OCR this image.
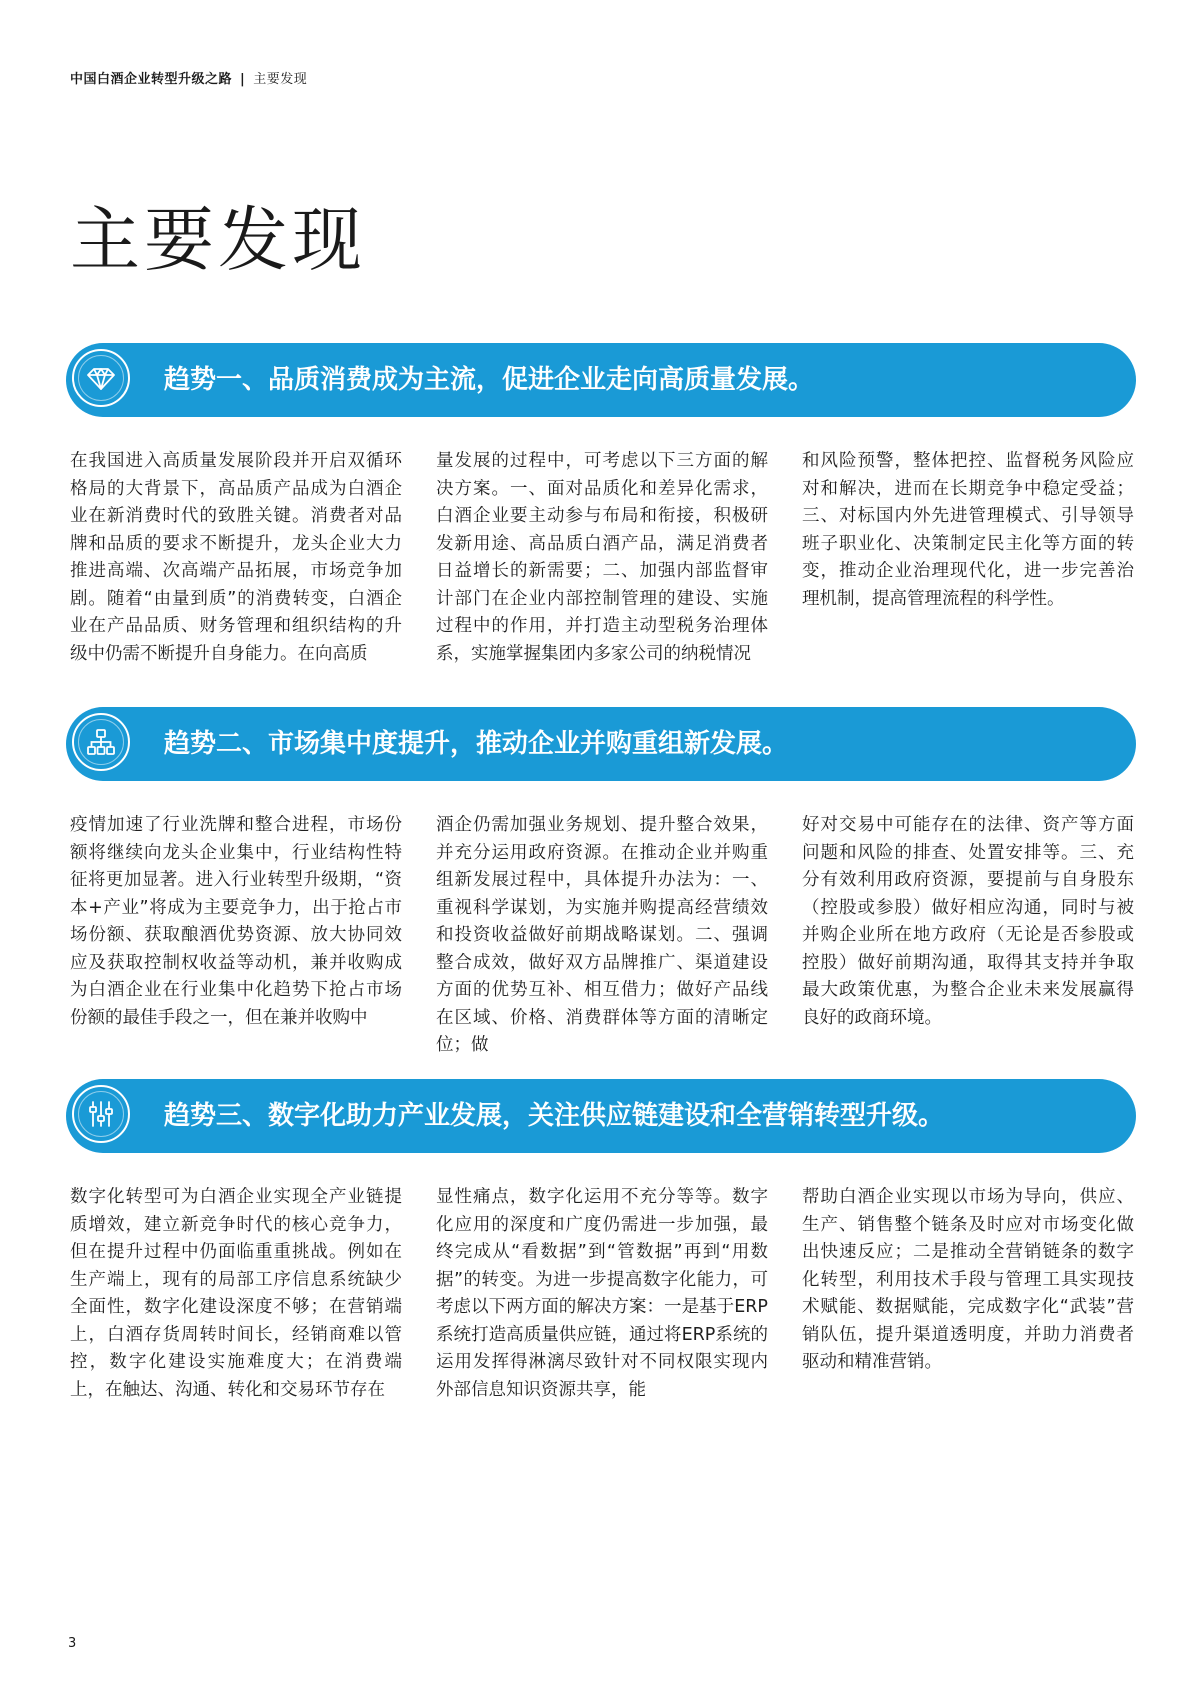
中国白酒企业转型升级之路 | 主要发现
主要发现
趋势一、品质消费成为主流，促进企业走向高质量发展。

在我国进入高质量发展阶段并开启双循环格局的大背景下，高品质产品成为白酒企业在新消费时代的致胜关键。消费者对品牌和品质的要求不断提升，龙头企业大力推进高端、次高端产品拓展，市场竞争加剧。随着“由量到质”的消费转变，白酒企业在产品品质、财务管理和组织结构的升级中仍需不断提升自身能力。在向高质

量发展的过程中，可考虑以下三方面的解决方案。一、面对品质化和差异化需求，白酒企业要主动参与布局和衔接，积极研发新用途、高品质白酒产品，满足消费者日益增长的新需要；二、加强内部监督审计部门在企业内部控制管理的建设、实施过程中的作用，并打造主动型税务治理体系，实施掌握集团内多家公司的纳税情况

和风险预警，整体把控、监督税务风险应对和解决，进而在长期竞争中稳定受益；三、对标国内外先进管理模式、引导领导班子职业化、决策制定民主化等方面的转变，推动企业治理现代化，进一步完善治理机制，提高管理流程的科学性。

趋势二、市场集中度提升，推动企业并购重组新发展。

疫情加速了行业洗牌和整合进程，市场份额将继续向龙头企业集中，行业结构性特征将更加显著。进入行业转型升级期，“资本+产业”将成为主要竞争力，出于抢占市场份额、获取酿酒优势资源、放大协同效应及获取控制权收益等动机，兼并收购成为白酒企业在行业集中化趋势下抢占市场份额的最佳手段之一，但在兼并收购中

酒企仍需加强业务规划、提升整合效果，并充分运用政府资源。在推动企业并购重组新发展过程中，具体提升办法为：一、重视科学谋划，为实施并购提高经营绩效和投资收益做好前期战略谋划。二、强调整合成效，做好双方品牌推广、渠道建设方面的优势互补、相互借力；做好产品线在区域、价格、消费群体等方面的清晰定位；做

好对交易中可能存在的法律、资产等方面问题和风险的排查、处置安排等。三、充分有效利用政府资源，要提前与自身股东（控股或参股）做好相应沟通，同时与被并购企业所在地方政府（无论是否参股或控股）做好前期沟通，取得其支持并争取最大政策优惠，为整合企业未来发展赢得良好的政商环境。

趋势三、数字化助力产业发展，关注供应链建设和全营销转型升级。

数字化转型可为白酒企业实现全产业链提质增效，建立新竞争时代的核心竞争力，但在提升过程中仍面临重重挑战。例如在生产端上，现有的局部工序信息系统缺少全面性，数字化建设深度不够；在营销端上，白酒存货周转时间长，经销商难以管控，数字化建设实施难度大；在消费端上，在触达、沟通、转化和交易环节存在

显性痛点，数字化运用不充分等等。数字化应用的深度和广度仍需进一步加强，最终完成从“看数据”到“管数据”再到“用数据”的转变。为进一步提高数字化能力，可考虑以下两方面的解决方案：一是基于ERP系统打造高质量供应链，通过将ERP系统的运用发挥得淋漓尽致针对不同权限实现内外部信息知识资源共享，能

帮助白酒企业实现以市场为导向，供应、生产、销售整个链条及时应对市场变化做出快速反应；二是推动全营销链条的数字化转型，利用技术手段与管理工具实现技术赋能、数据赋能，完成数字化“武装”营销队伍，提升渠道透明度，并助力消费者驱动和精准营销。

3
